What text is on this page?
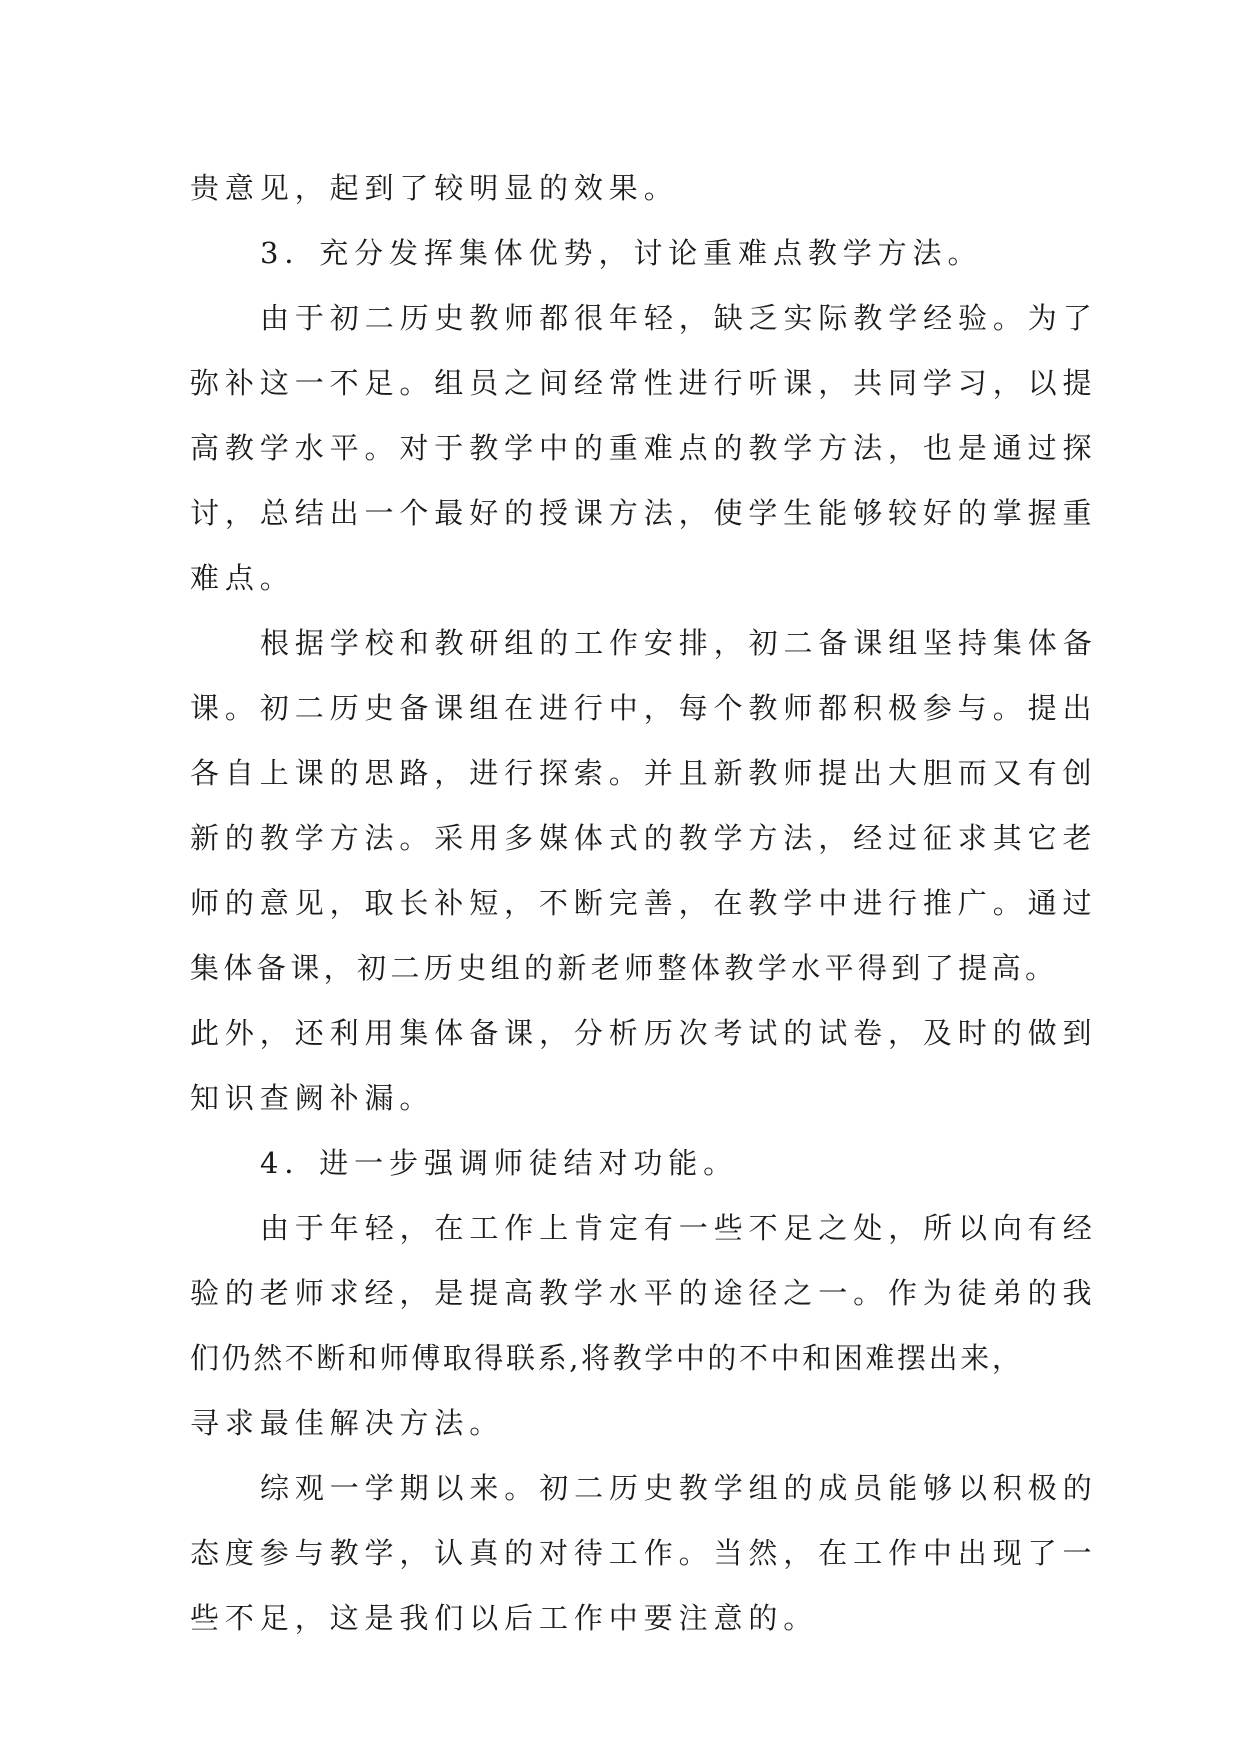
贵意见，起到了较明显的效果。
3．充分发挥集体优势，讨论重难点教学方法。
由于初二历史教师都很年轻，缺乏实际教学经验。为了
弥补这一不足。组员之间经常性进行听课，共同学习，以提
高教学水平。对于教学中的重难点的教学方法，也是通过探
讨，总结出一个最好的授课方法，使学生能够较好的掌握重
难点。
根据学校和教研组的工作安排，初二备课组坚持集体备
课。初二历史备课组在进行中，每个教师都积极参与。提出
各自上课的思路，进行探索。并且新教师提出大胆而又有创
新的教学方法。采用多媒体式的教学方法，经过征求其它老
师的意见，取长补短，不断完善，在教学中进行推广。通过
集体备课，初二历史组的新老师整体教学水平得到了提高。
此外，还利用集体备课，分析历次考试的试卷，及时的做到
知识查阙补漏。
4．进一步强调师徒结对功能。
由于年轻，在工作上肯定有一些不足之处，所以向有经
验的老师求经，是提高教学水平的途径之一。作为徒弟的我
们仍然不断和师傅取得联系,将教学中的不中和困难摆出来，
寻求最佳解决方法。
综观一学期以来。初二历史教学组的成员能够以积极的
态度参与教学，认真的对待工作。当然，在工作中出现了一
些不足，这是我们以后工作中要注意的。
